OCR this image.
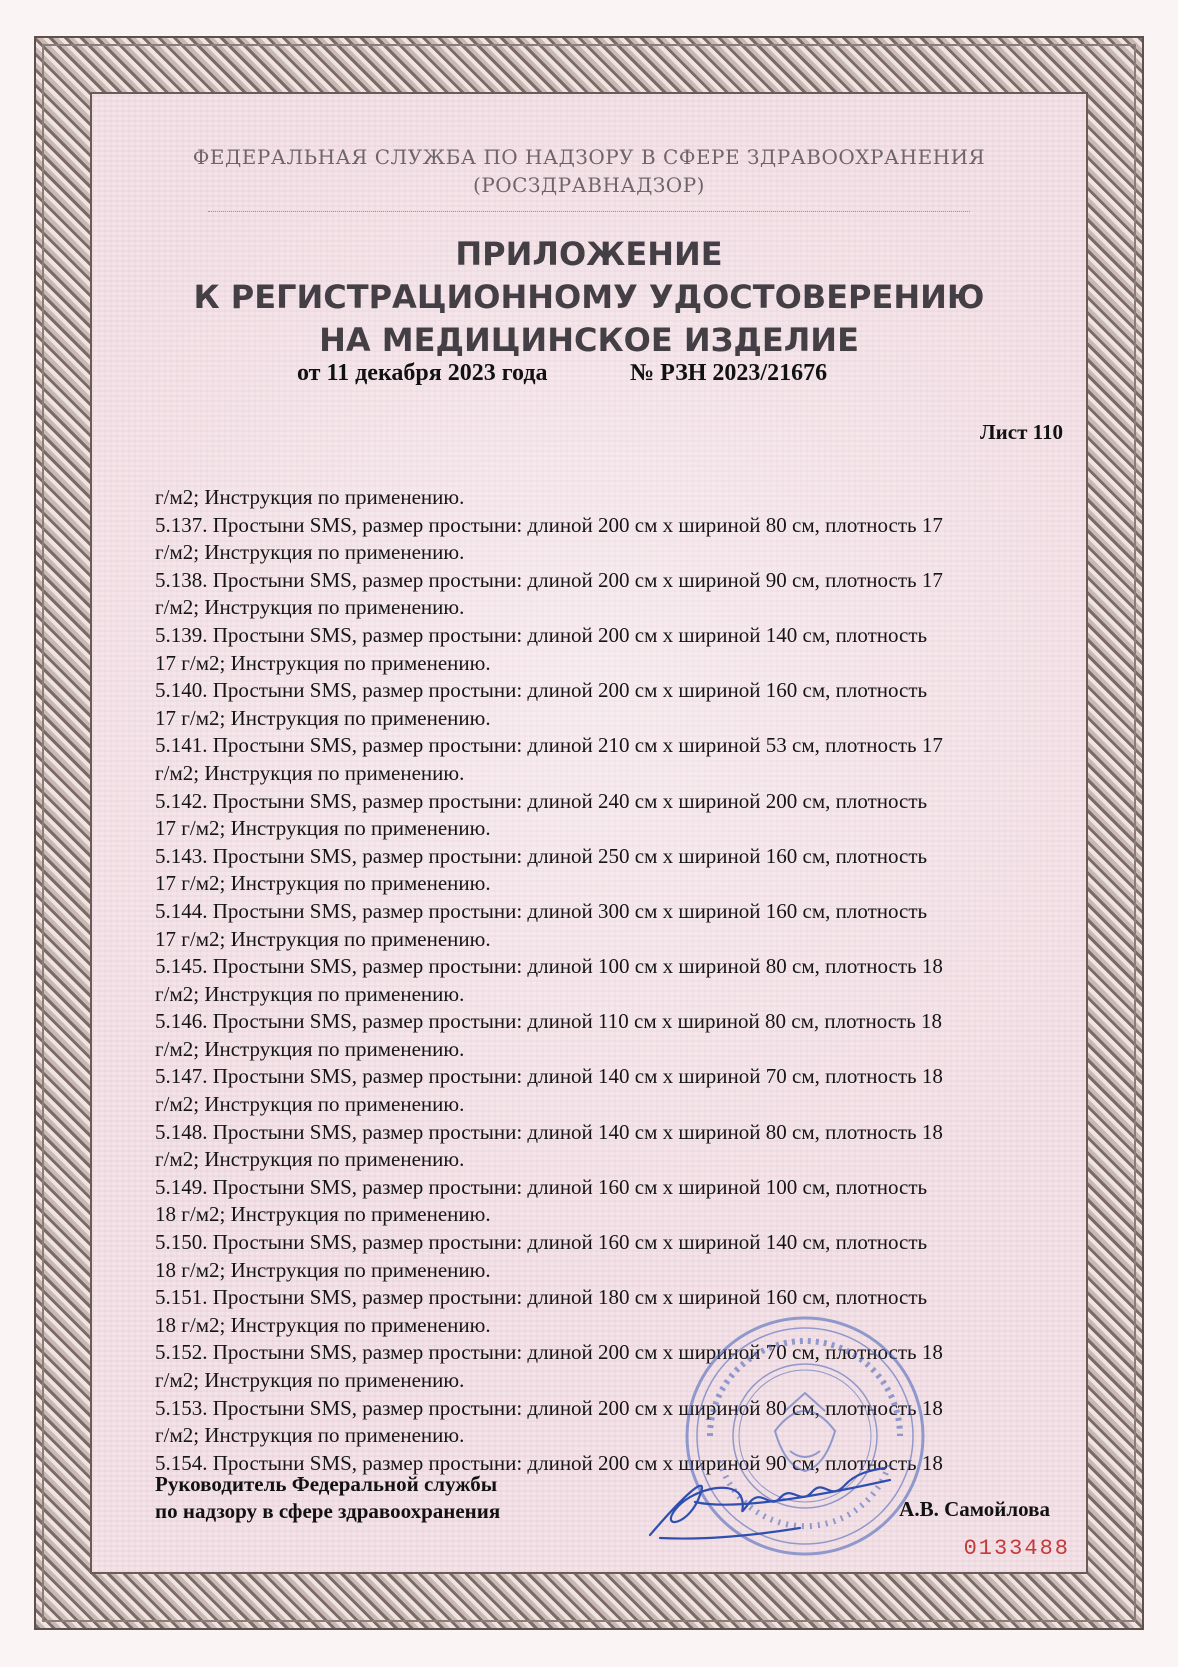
ФЕДЕРАЛЬНАЯ СЛУЖБА ПО НАДЗОРУ В СФЕРЕ ЗДРАВООХРАНЕНИЯ
(РОСЗДРАВНАДЗОР)
ПРИЛОЖЕНИЕ
К РЕГИСТРАЦИОННОМУ УДОСТОВЕРЕНИЮ
НА МЕДИЦИНСКОЕ ИЗДЕЛИЕ
от 11 декабря 2023 года	№ РЗН 2023/21676
Лист 110
г/м2; Инструкция по применению.
5.137. Простыни SMS, размер простыни: длиной 200 см х шириной 80 см, плотность 17
г/м2; Инструкция по применению.
5.138. Простыни SMS, размер простыни: длиной 200 см х шириной 90 см, плотность 17
г/м2; Инструкция по применению.
5.139. Простыни SMS, размер простыни: длиной 200 см х шириной 140 см, плотность
17 г/м2; Инструкция по применению.
5.140. Простыни SMS, размер простыни: длиной 200 см х шириной 160 см, плотность
17 г/м2; Инструкция по применению.
5.141. Простыни SMS, размер простыни: длиной 210 см х шириной 53 см, плотность 17
г/м2; Инструкция по применению.
5.142. Простыни SMS, размер простыни: длиной 240 см х шириной 200 см, плотность
17 г/м2; Инструкция по применению.
5.143. Простыни SMS, размер простыни: длиной 250 см х шириной 160 см, плотность
17 г/м2; Инструкция по применению.
5.144. Простыни SMS, размер простыни: длиной 300 см х шириной 160 см, плотность
17 г/м2; Инструкция по применению.
5.145. Простыни SMS, размер простыни: длиной 100 см х шириной 80 см, плотность 18
г/м2; Инструкция по применению.
5.146. Простыни SMS, размер простыни: длиной 110 см х шириной 80 см, плотность 18
г/м2; Инструкция по применению.
5.147. Простыни SMS, размер простыни: длиной 140 см х шириной 70 см, плотность 18
г/м2; Инструкция по применению.
5.148. Простыни SMS, размер простыни: длиной 140 см х шириной 80 см, плотность 18
г/м2; Инструкция по применению.
5.149. Простыни SMS, размер простыни: длиной 160 см х шириной 100 см, плотность
18 г/м2; Инструкция по применению.
5.150. Простыни SMS, размер простыни: длиной 160 см х шириной 140 см, плотность
18 г/м2; Инструкция по применению.
5.151. Простыни SMS, размер простыни: длиной 180 см х шириной 160 см, плотность
18 г/м2; Инструкция по применению.
5.152. Простыни SMS, размер простыни: длиной 200 см х шириной 70 см, плотность 18
г/м2; Инструкция по применению.
5.153. Простыни SMS, размер простыни: длиной 200 см х шириной 80 см, плотность 18
г/м2; Инструкция по применению.
5.154. Простыни SMS, размер простыни: длиной 200 см х шириной 90 см, плотность 18
Руководитель Федеральной службы
по надзору в сфере здравоохранения	А.В. Самойлова
0133488
